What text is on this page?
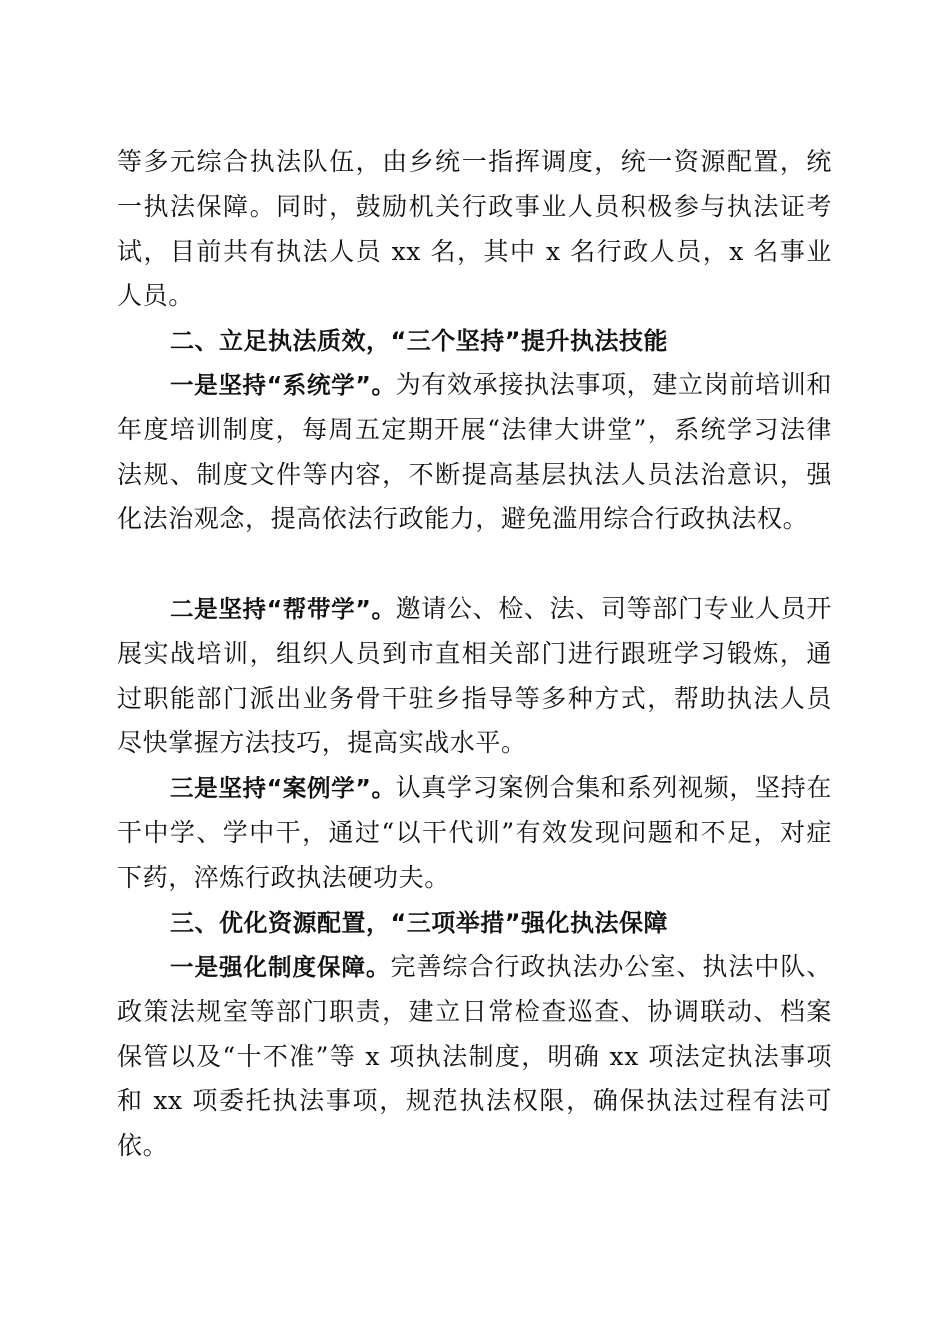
等多元综合执法队伍，由乡统一指挥调度，统一资源配置，统一执法保障。同时，鼓励机关行政事业人员积极参与执法证考试，目前共有执法人员 xx 名，其中 x 名行政人员，x 名事业人员。

二、立足执法质效，“三个坚持”提升执法技能

一是坚持“系统学”。为有效承接执法事项，建立岗前培训和年度培训制度，每周五定期开展“法律大讲堂”，系统学习法律法规、制度文件等内容，不断提高基层执法人员法治意识，强化法治观念，提高依法行政能力，避免滥用综合行政执法权。

二是坚持“帮带学”。邀请公、检、法、司等部门专业人员开展实战培训，组织人员到市直相关部门进行跟班学习锻炼，通过职能部门派出业务骨干驻乡指导等多种方式，帮助执法人员尽快掌握方法技巧，提高实战水平。

三是坚持“案例学”。认真学习案例合集和系列视频，坚持在干中学、学中干，通过“以干代训”有效发现问题和不足，对症下药，淬炼行政执法硬功夫。

三、优化资源配置，“三项举措”强化执法保障

一是强化制度保障。完善综合行政执法办公室、执法中队、政策法规室等部门职责，建立日常检查巡查、协调联动、档案保管以及“十不准”等 x 项执法制度，明确 xx 项法定执法事项和 xx 项委托执法事项，规范执法权限，确保执法过程有法可依。
